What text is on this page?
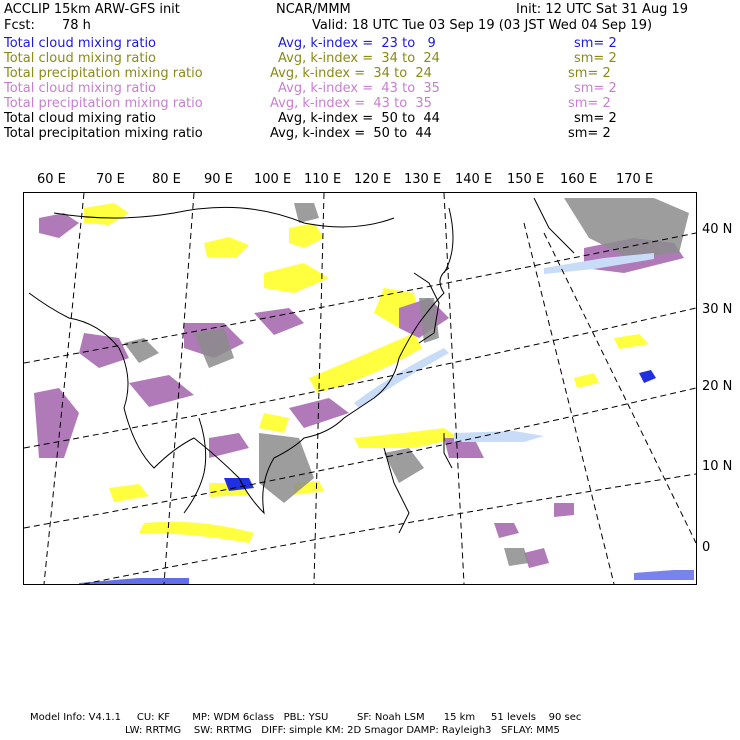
ACCLIP 15km ARW-GFS init	NCAR/MMM	Init: 12 UTC Sat 31 Aug 19
Fcst: 78 h	Valid: 18 UTC Tue 03 Sep 19 (03 JST Wed 04 Sep 19)
Total cloud mixing ratio	Avg, k-index =  23 to   9	sm= 2
Total cloud mixing ratio	Avg, k-index =  34 to  24	sm= 2
Total precipitation mixing ratio	Avg, k-index =  34 to  24	sm= 2
Total cloud mixing ratio	Avg, k-index =  43 to  35	sm= 2
Total precipitation mixing ratio	Avg, k-index =  43 to  35	sm= 2
Total cloud mixing ratio	Avg, k-index =  50 to  44	sm= 2
Total precipitation mixing ratio	Avg, k-index =  50 to  44	sm= 2
60 E 70 E 80 E 90 E 100 E 110 E 120 E 130 E 140 E 150 E 160 E 170 E
40 N
30 N
20 N
10 N
0
Model Info: V4.1.1     CU: KF       MP: WDM 6class   PBL: YSU         SF: Noah LSM      15 km     51 levels    90 sec
LW: RRTMG    SW: RRTMG   DIFF: simple KM: 2D Smagor DAMP: Rayleigh3   SFLAY: MM5
